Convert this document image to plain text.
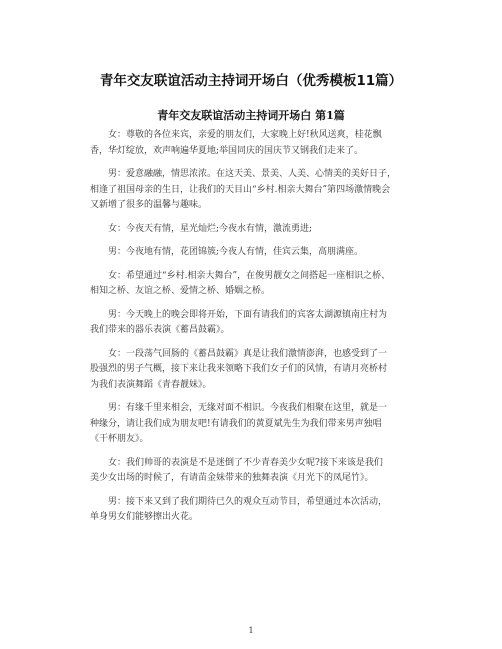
青年交友联谊活动主持词开场白（优秀模板11篇）
青年交友联谊活动主持词开场白 第1篇

女：尊敬的各位来宾，亲爱的朋友们，大家晚上好!秋风送爽，桂花飘
香，华灯绽放，欢声响遍华夏地;举国同庆的国庆节又钢我们走来了。

男：爱意融融，情思浓浓。在这天美、景美、人美、心情美的美好日子，
相逢了祖国母亲的生日，让我们的天目山“乡村.相亲大舞台”第四场激情晚会
又新增了很多的温馨与趣味。

女：今夜天有情，星光灿烂;今夜水有情，激流勇进;

男：今夜地有情，花团锦簇;今夜人有情，佳宾云集，高朋满座。

女：希望通过“乡村.相亲大舞台”，在俊男靓女之间搭起一座相识之桥、
相知之桥、友谊之桥、爱情之桥、婚姻之桥。

男：今天晚上的晚会即将开始，下面有请我们的宾客太湖源镇南庄村为
我们带来的器乐表演《蓄昌鼓霸》。

女：一段荡气回肠的《蓄昌鼓霸》真是让我们激情澎湃，也感受到了一
股强烈的男子气概，接下来让我来领略下我们女子们的风情，有请月亮桥村
为我们表演舞蹈《青春靓妹》。

男：有缘千里来相会，无缘对面不相识。今夜我们相聚在这里，就是一
种缘分，请让我们成为朋友吧!有请我们的黄夏斌先生为我们带来男声独唱
《干杯朋友》。

女：我们帅哥的表演是不是迷倒了不少青春美少女呢?接下来该是我们
美少女出场的时候了，有请苗金妹带来的独舞表演《月光下的凤尾竹》。

男：接下来又到了我们期待已久的观众互动节目，希望通过本次活动，
单身男女们能够擦出火花。

1
